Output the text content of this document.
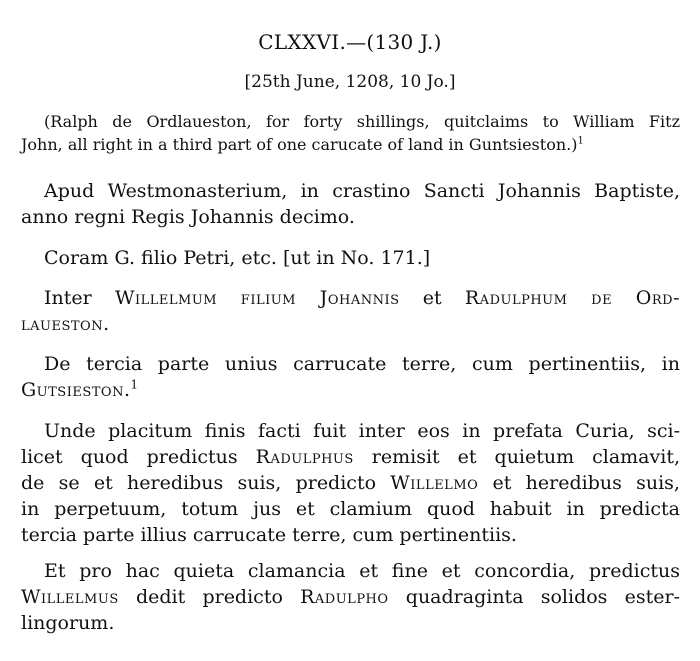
CLXXVI.—(130 J.)
[25th June, 1208, 10 Jo.]
(Ralph de Ordlaueston, for forty shillings, quitclaims to William Fitz
John, all right in a third part of one carucate of land in Guntsieston.)$^1$
Apud Westmonasterium, in crastino Sancti Johannis Baptiste,
anno regni Regis Johannis decimo.
Coram G. filio Petri, etc. [ut in No. 171.]
Inter Willelmum filium Johannis et Radulphum de Ord-
laueston.
De tercia parte unius carrucate terre, cum pertinentiis, in
Gutsieston.$^1$
Unde placitum finis facti fuit inter eos in prefata Curia, sci-
licet quod predictus Radulphus remisit et quietum clamavit,
de se et heredibus suis, predicto Willelmo et heredibus suis,
in perpetuum, totum jus et clamium quod habuit in predicta
tercia parte illius carrucate terre, cum pertinentiis.
Et pro hac quieta clamancia et fine et concordia, predictus
Willelmus dedit predicto Radulpho quadraginta solidos ester-
lingorum.
